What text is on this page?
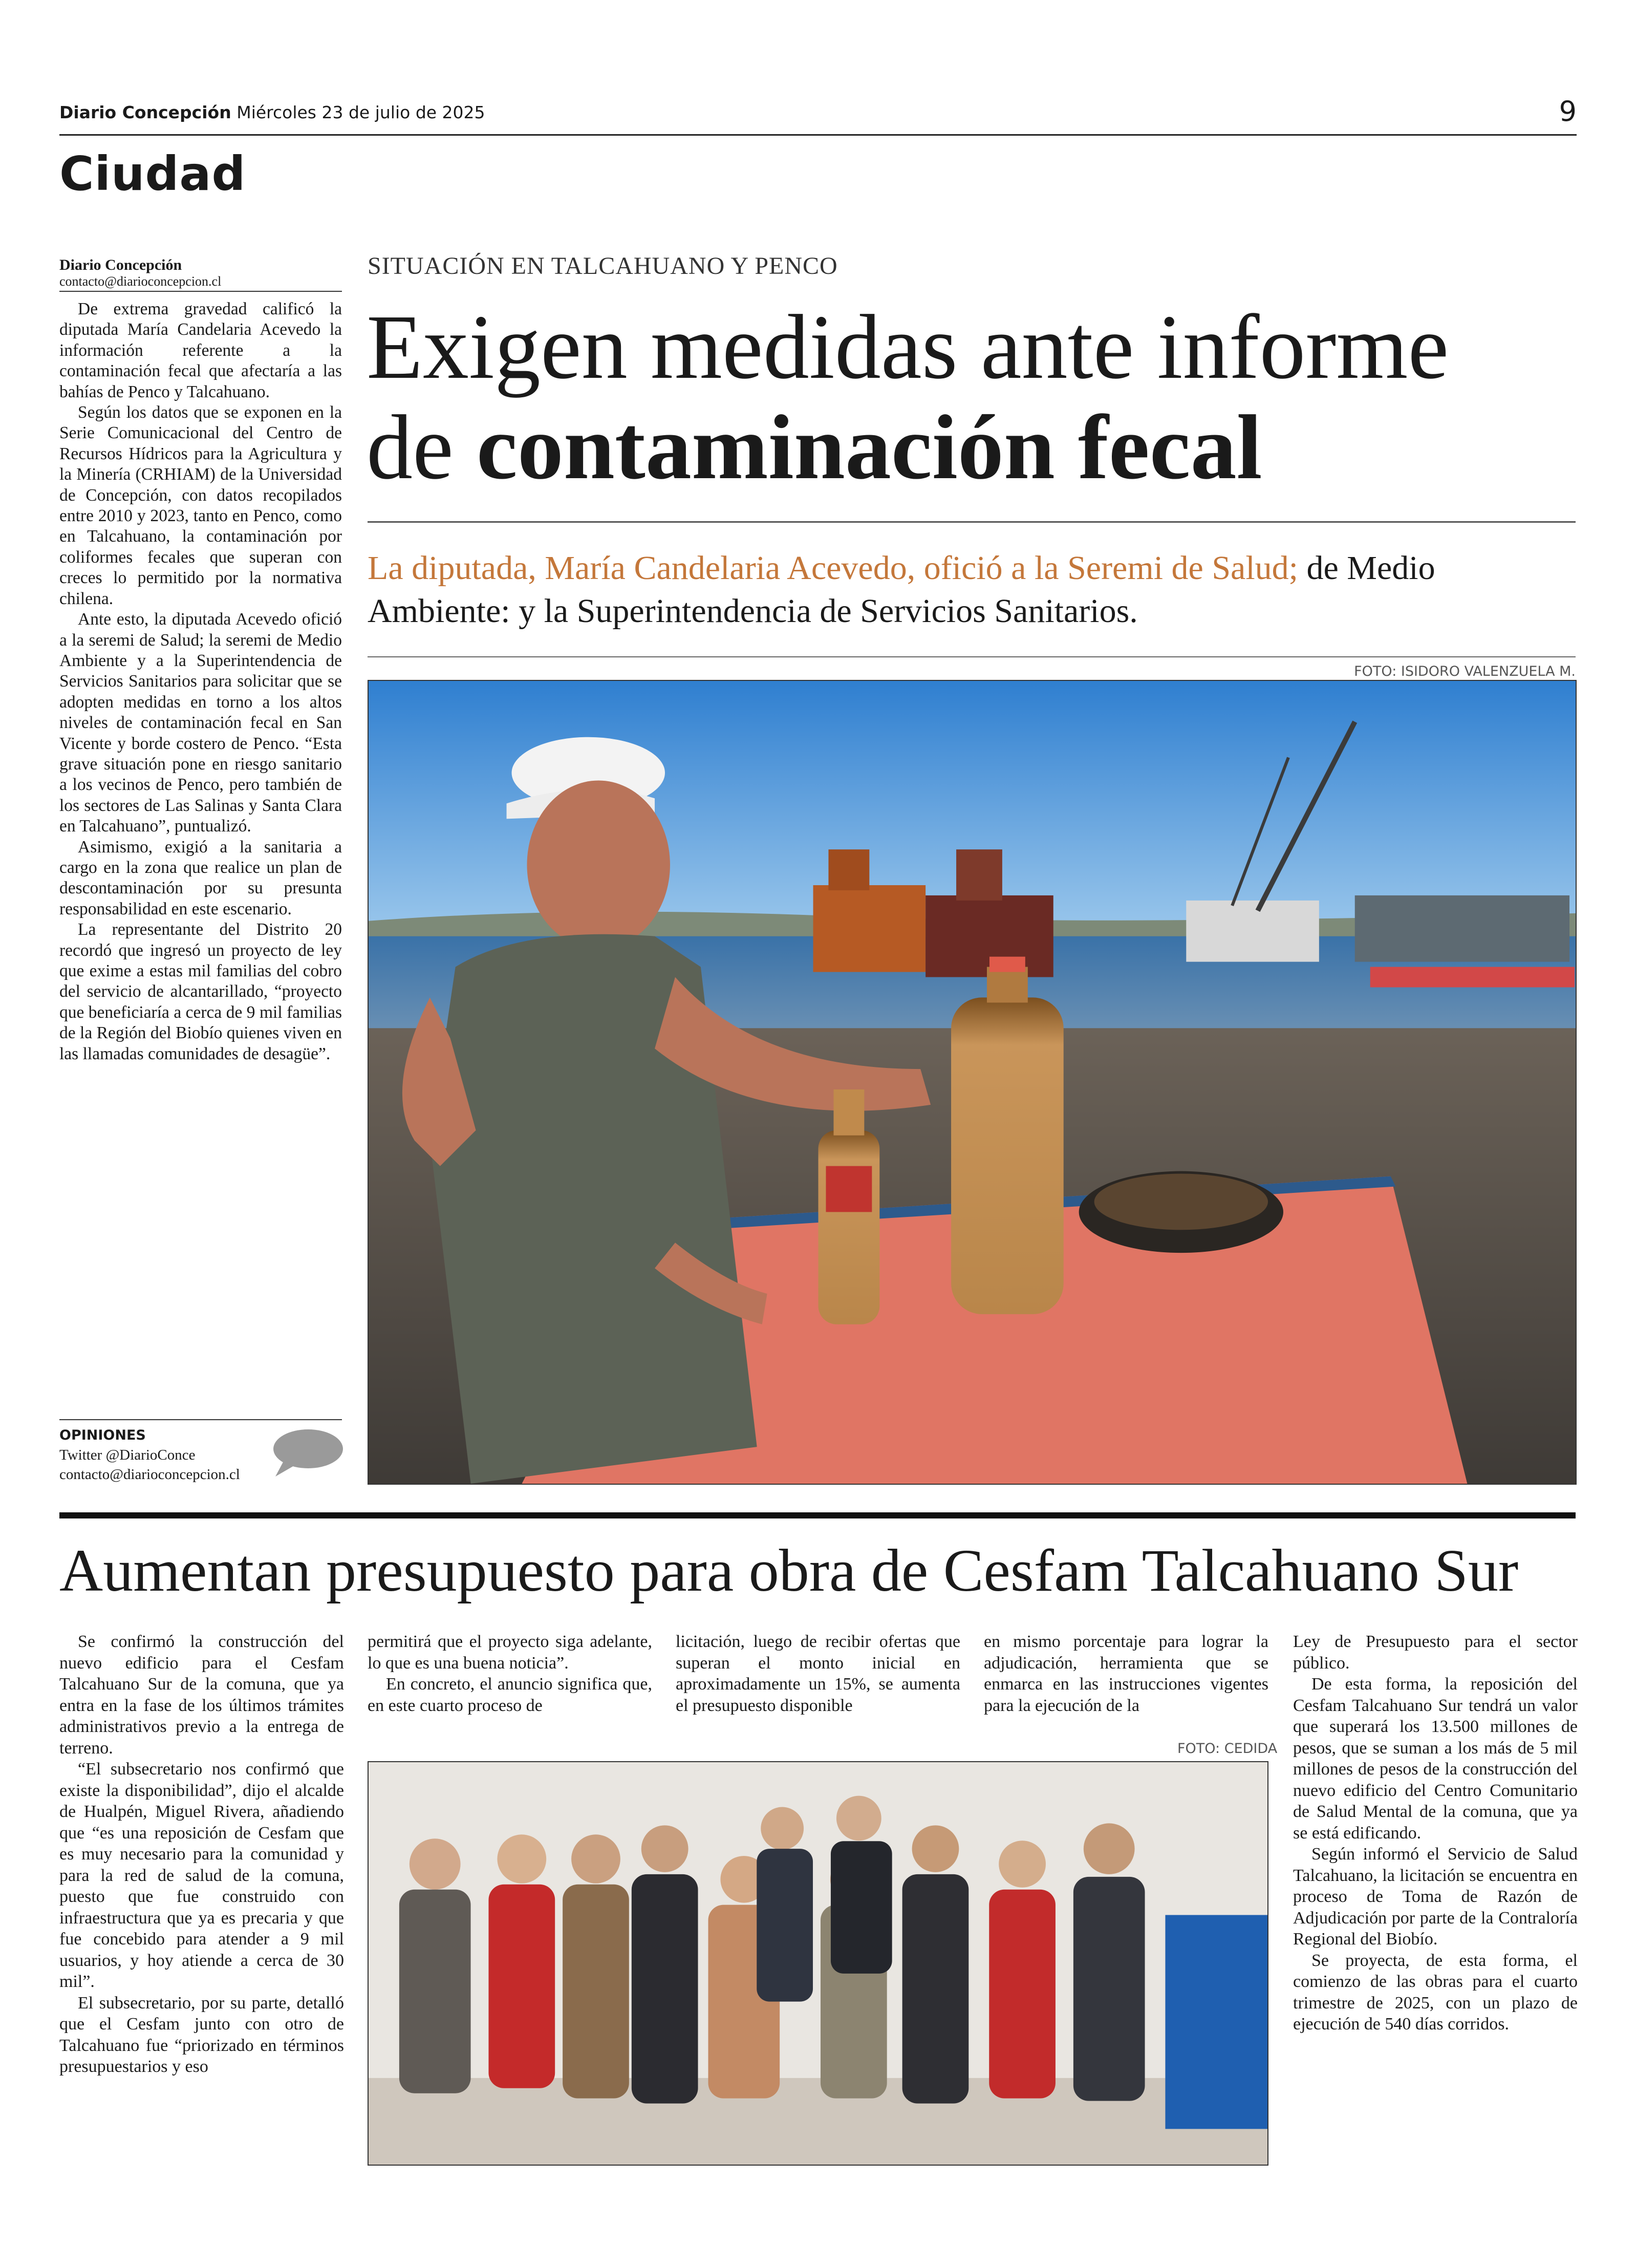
Diario Concepción Miércoles 23 de julio de 2025	9
Ciudad
Diario Concepción
contacto@diarioconcepcion.cl

De extrema gravedad calificó la diputada María Candelaria Acevedo la información referente a la contaminación fecal que afectaría a las bahías de Penco y Talcahuano.

Según los datos que se exponen en la Serie Comunicacional del Centro de Recursos Hídricos para la Agricultura y la Minería (CRHIAM) de la Universidad de Concepción, con datos recopilados entre 2010 y 2023, tanto en Penco, como en Talcahuano, la contaminación por coliformes fecales que superan con creces lo permitido por la normativa chilena.

Ante esto, la diputada Acevedo ofició a la seremi de Salud; la seremi de Medio Ambiente y a la Superintendencia de Servicios Sanitarios para solicitar que se adopten medidas en torno a los altos niveles de contaminación fecal en San Vicente y borde costero de Penco. “Esta grave situación pone en riesgo sanitario a los vecinos de Penco, pero también de los sectores de Las Salinas y Santa Clara en Talcahuano”, puntualizó.

Asimismo, exigió a la sanitaria a cargo en la zona que realice un plan de descontaminación por su presunta responsabilidad en este escenario.

La representante del Distrito 20 recordó que ingresó un proyecto de ley que exime a estas mil familias del cobro del servicio de alcantarillado, “proyecto que beneficiaría a cerca de 9 mil familias de la Región del Biobío quienes viven en las llamadas comunidades de desagüe”.

OPINIONES
Twitter @DiarioConce
contacto@diarioconcepcion.cl
SITUACIÓN EN TALCAHUANO Y PENCO
Exigen medidas ante informe
de contaminación fecal
La diputada, María Candelaria Acevedo, ofició a la Seremi de Salud; de Medio Ambiente: y la Superintendencia de Servicios Sanitarios.
FOTO: ISIDORO VALENZUELA M.
Aumentan presupuesto para obra de Cesfam Talcahuano Sur

Se confirmó la construcción del nuevo edificio para el Cesfam Talcahuano Sur de la comuna, que ya entra en la fase de los últimos trámites administrativos previo a la entrega de terreno.

“El subsecretario nos confirmó que existe la disponibilidad”, dijo el alcalde de Hualpén, Miguel Rivera, añadiendo que “es una reposición de Cesfam que es muy necesario para la comunidad y para la red de salud de la comuna, puesto que fue construido con infraestructura que ya es precaria y que fue concebido para atender a 9 mil usuarios, y hoy atiende a cerca de 30 mil”.

El subsecretario, por su parte, detalló que el Cesfam junto con otro de Talcahuano fue “priorizado en términos presupuestarios y eso

permitirá que el proyecto siga adelante, lo que es una buena noticia”.

En concreto, el anuncio significa que, en este cuarto proceso de

licitación, luego de recibir ofertas que superan el monto inicial en aproximadamente un 15%, se aumenta el presupuesto disponible

en mismo porcentaje para lograr la adjudicación, herramienta que se enmarca en las instrucciones vigentes para la ejecución de la

Ley de Presupuesto para el sector público.

De esta forma, la reposición del Cesfam Talcahuano Sur tendrá un valor que superará los 13.500 millones de pesos, que se suman a los más de 5 mil millones de pesos de la construcción del nuevo edificio del Centro Comunitario de Salud Mental de la comuna, que ya se está edificando.

Según informó el Servicio de Salud Talcahuano, la licitación se encuentra en proceso de Toma de Razón de Adjudicación por parte de la Contraloría Regional del Biobío.

Se proyecta, de esta forma, el comienzo de las obras para el cuarto trimestre de 2025, con un plazo de ejecución de 540 días corridos.

FOTO: CEDIDA
